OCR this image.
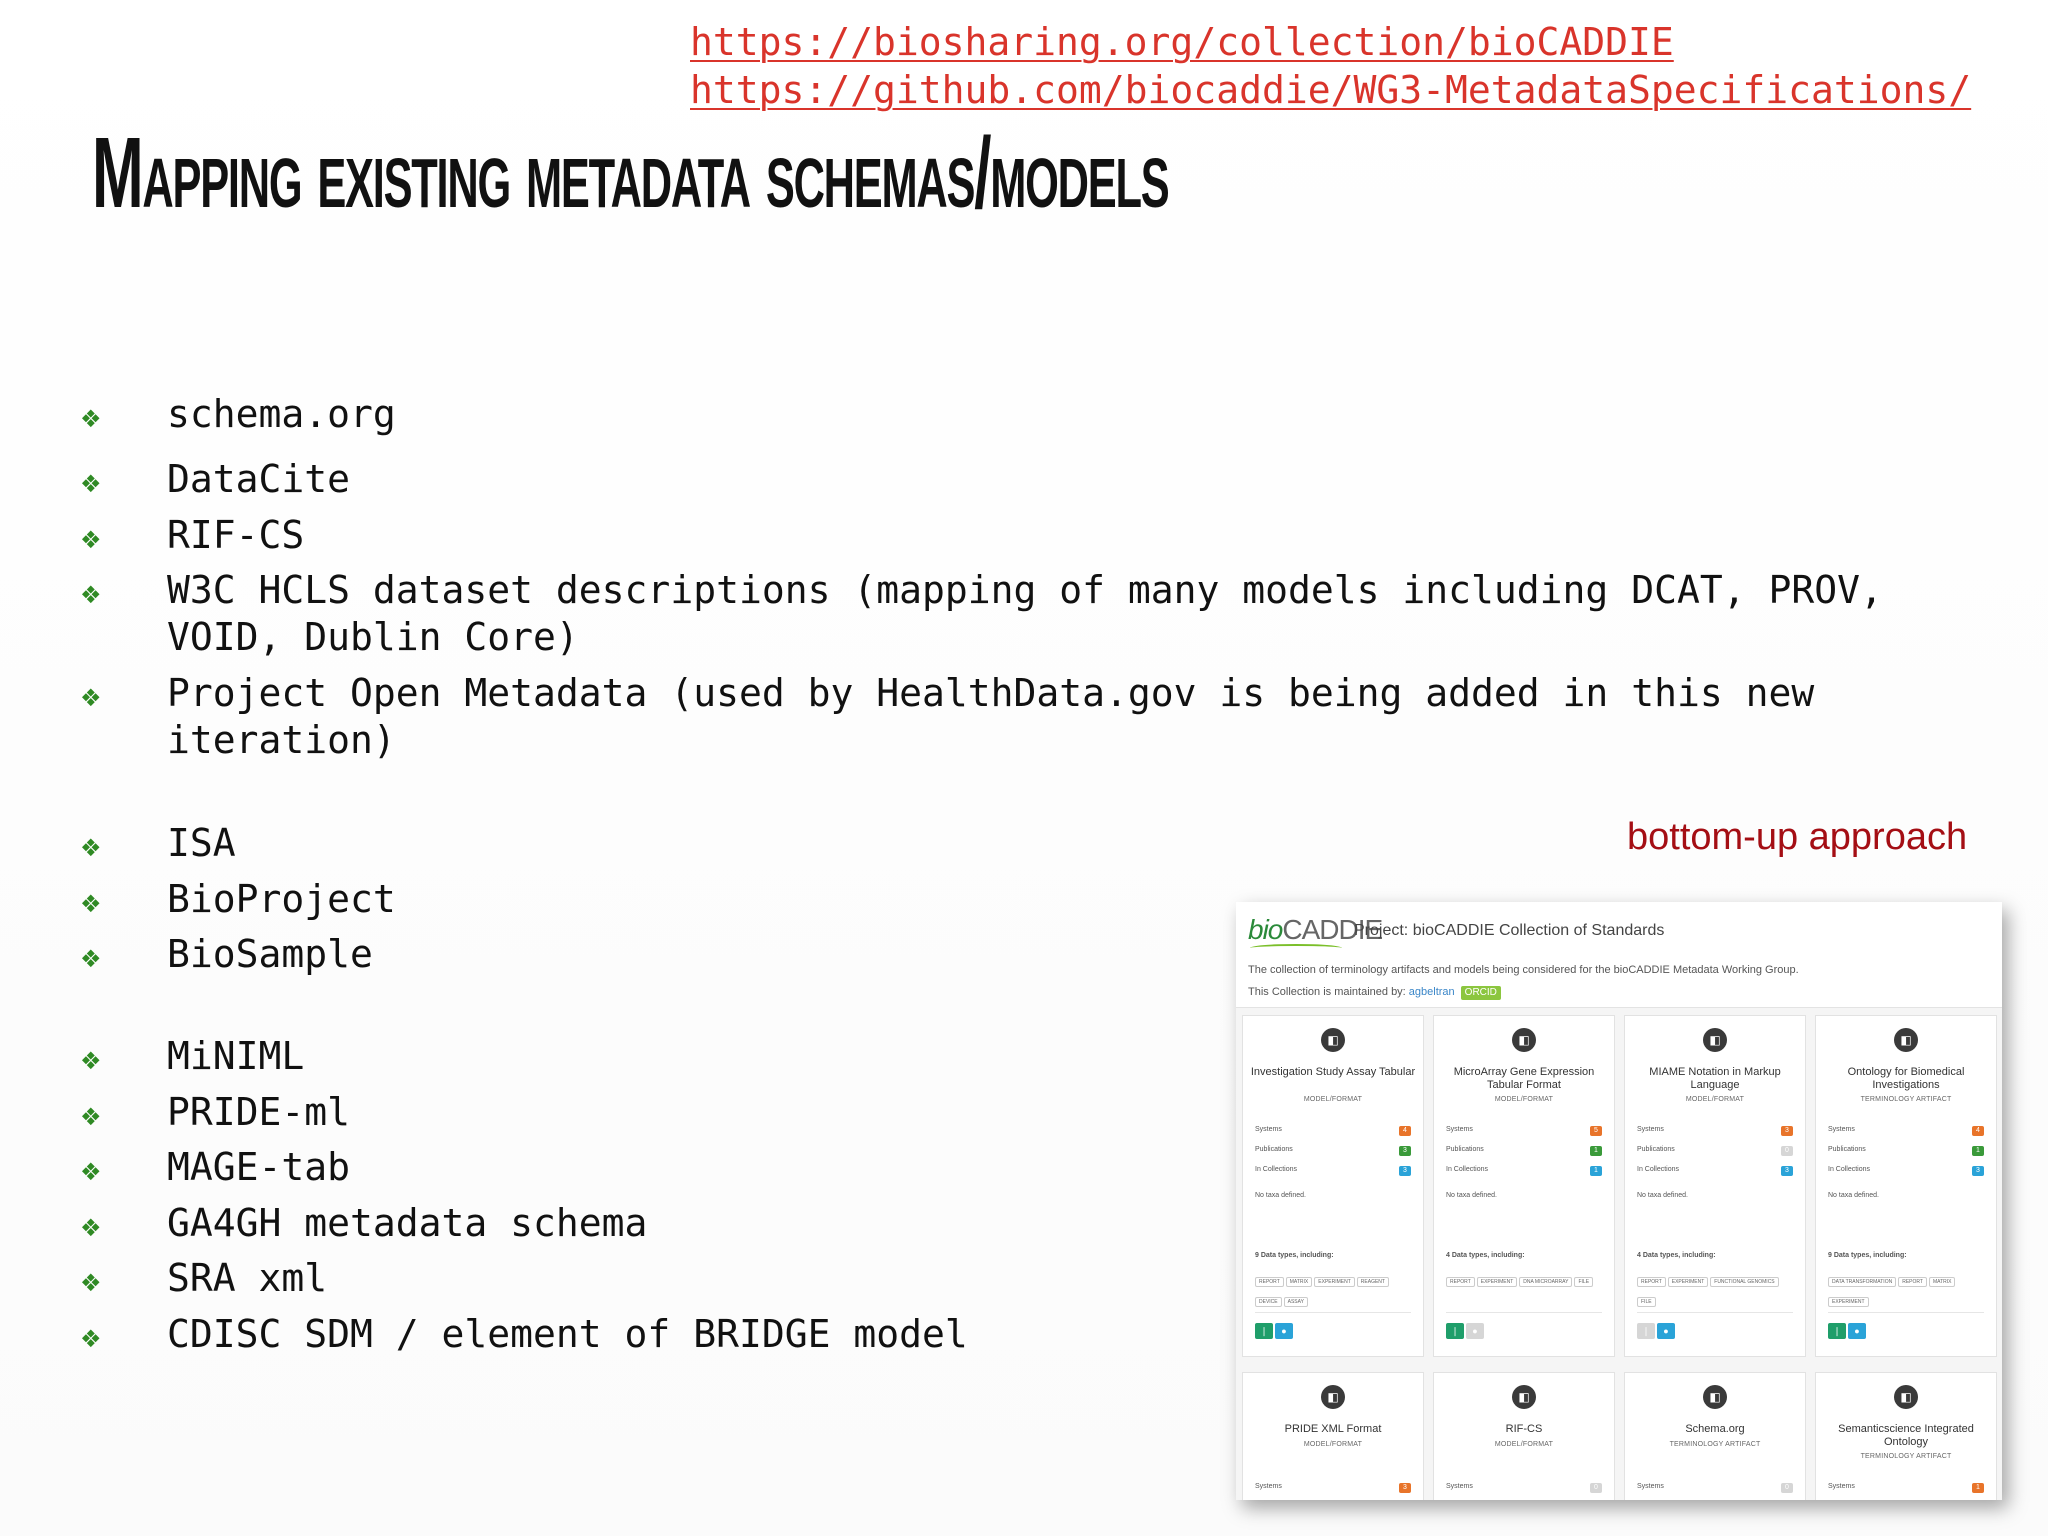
https://biosharing.org/collection/bioCADDIE
https://github.com/biocaddie/WG3-MetadataSpecifications/
Mapping existing metadata schemas/models
❖ schema.org
❖ DataCite
❖ RIF-CS
❖ W3C HCLS dataset descriptions (mapping of many models including DCAT, PROV,
VOID, Dublin Core)
❖ Project Open Metadata (used by HealthData.gov is being added in this new
iteration)
❖ ISA
❖ BioProject
❖ BioSample
❖ MiNIML
❖ PRIDE-ml
❖ MAGE-tab
❖ GA4GH metadata schema
❖ SRA xml
❖ CDISC SDM / element of BRIDGE model
bottom-up approach
bioCADDIE
Project: bioCADDIE Collection of Standards
The collection of terminology artifacts and models being considered for the bioCADDIE Metadata Working Group.
This Collection is maintained by: agbeltran ORCID
◧
Investigation Study Assay Tabular
MODEL/FORMAT
Systems	4
Publications	3
In Collections	3
No taxa defined.
9 Data types, including:
REPORT MATRIX EXPERIMENT REAGENTDEVICE ASSAY
❘	●
◧
MicroArray Gene Expression Tabular Format
MODEL/FORMAT
Systems	5
Publications	1
In Collections	1
No taxa defined.
4 Data types, including:
REPORT EXPERIMENT DNA MICROARRAY FILE
❘	●
◧
MIAME Notation in Markup Language
MODEL/FORMAT
Systems	3
Publications	0
In Collections	3
No taxa defined.
4 Data types, including:
REPORT EXPERIMENT FUNCTIONAL GENOMICSFILE
❘	●
◧
Ontology for Biomedical Investigations
TERMINOLOGY ARTIFACT
Systems	4
Publications	1
In Collections	3
No taxa defined.
9 Data types, including:
DATA TRANSFORMATION REPORT MATRIXEXPERIMENT
❘	●
◧
PRIDE XML Format
MODEL/FORMAT
Systems	3
◧
RIF-CS
MODEL/FORMAT
Systems	0
◧
Schema.org
TERMINOLOGY ARTIFACT
Systems	0
◧
Semanticscience Integrated Ontology
TERMINOLOGY ARTIFACT
Systems	1
